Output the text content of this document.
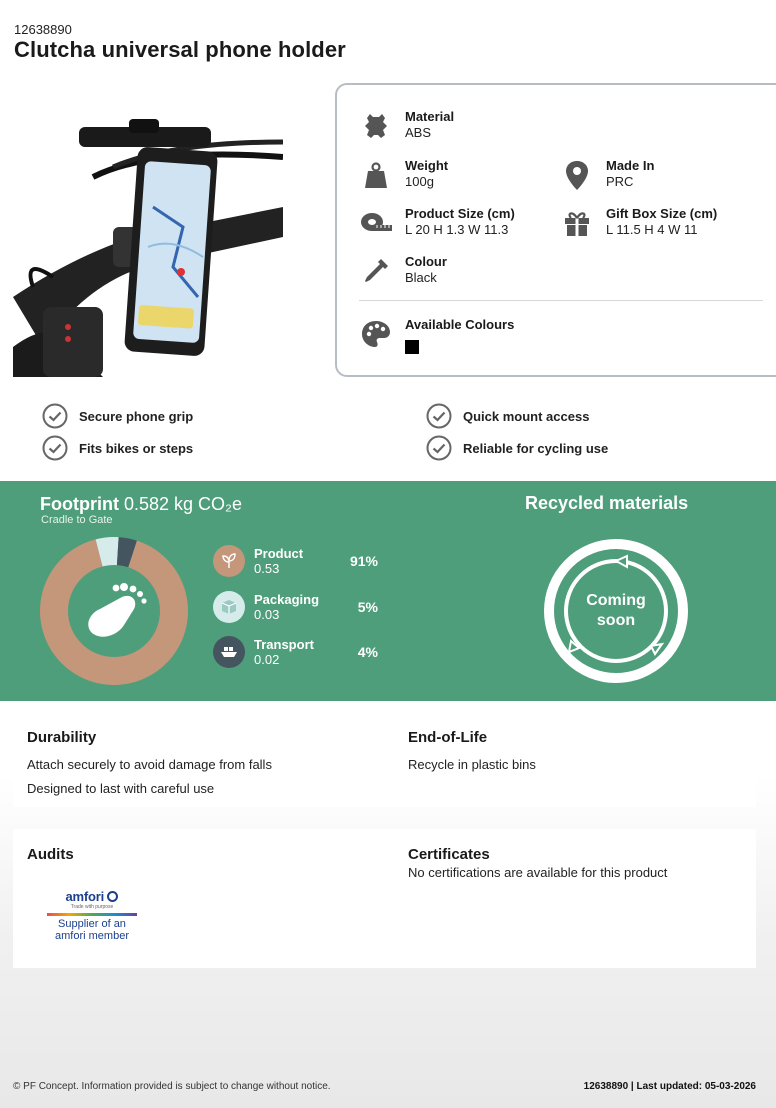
12638890
Clutcha universal phone holder
Material
ABS
Weight
100g
Made In
PRC
Product Size (cm)
L 20 H 1.3 W 11.3
Gift Box Size (cm)
L 11.5 H 4 W 11
Colour
Black
Available Colours
Secure phone grip
Fits bikes or steps
Quick mount access
Reliable for cycling use
Footprint 0.582 kg CO₂e
Cradle to Gate
Product
0.53	91%
Packaging
0.03	5%
Transport
0.02	4%
Recycled materials
Coming
soon
Durability

Attach securely to avoid damage from falls

Designed to last with careful use

End-of-Life

Recycle in plastic bins

Audits
amfori
Trade with purpose
Supplier of an
amfori member
Certificates

No certifications are available for this product

© PF Concept. Information provided is subject to change without notice.	12638890 | Last updated: 05-03-2026
